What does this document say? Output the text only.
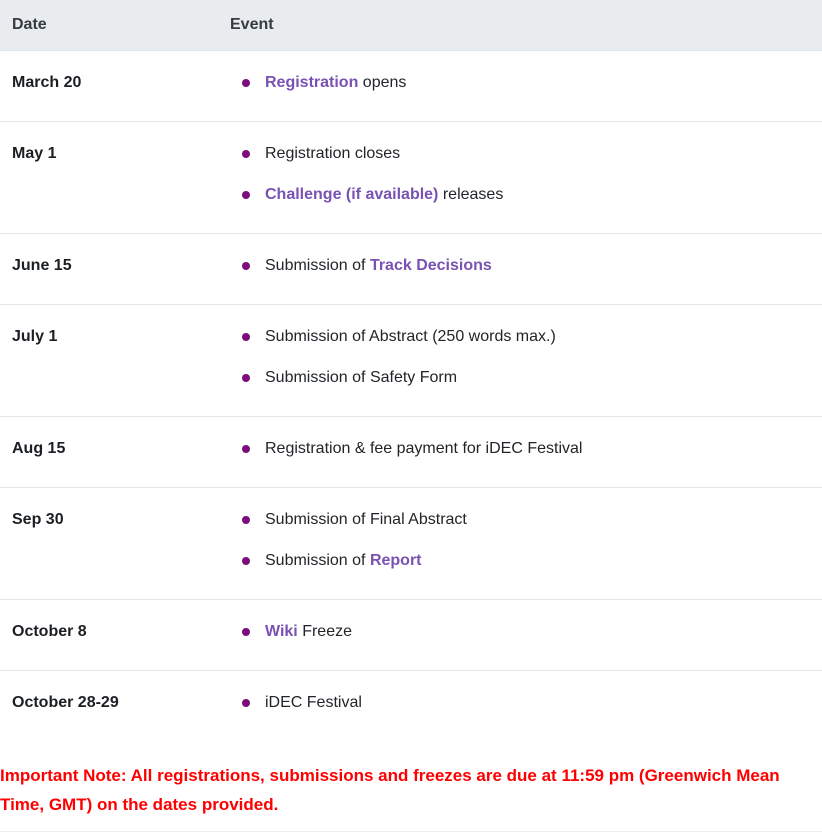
Date	Event
March 20	Registration opens

May 1	Registration closes
Challenge (if available) releases

June 15	Submission of Track Decisions

July 1	Submission of Abstract (250 words max.)
Submission of Safety Form

Aug 15	Registration & fee payment for iDEC Festival

Sep 30	Submission of Final Abstract
Submission of Report

October 8	Wiki Freeze

October 28-29	iDEC Festival

Important Note: All registrations, submissions and freezes are due at 11:59 pm (Greenwich Mean Time, GMT) on the dates provided.
